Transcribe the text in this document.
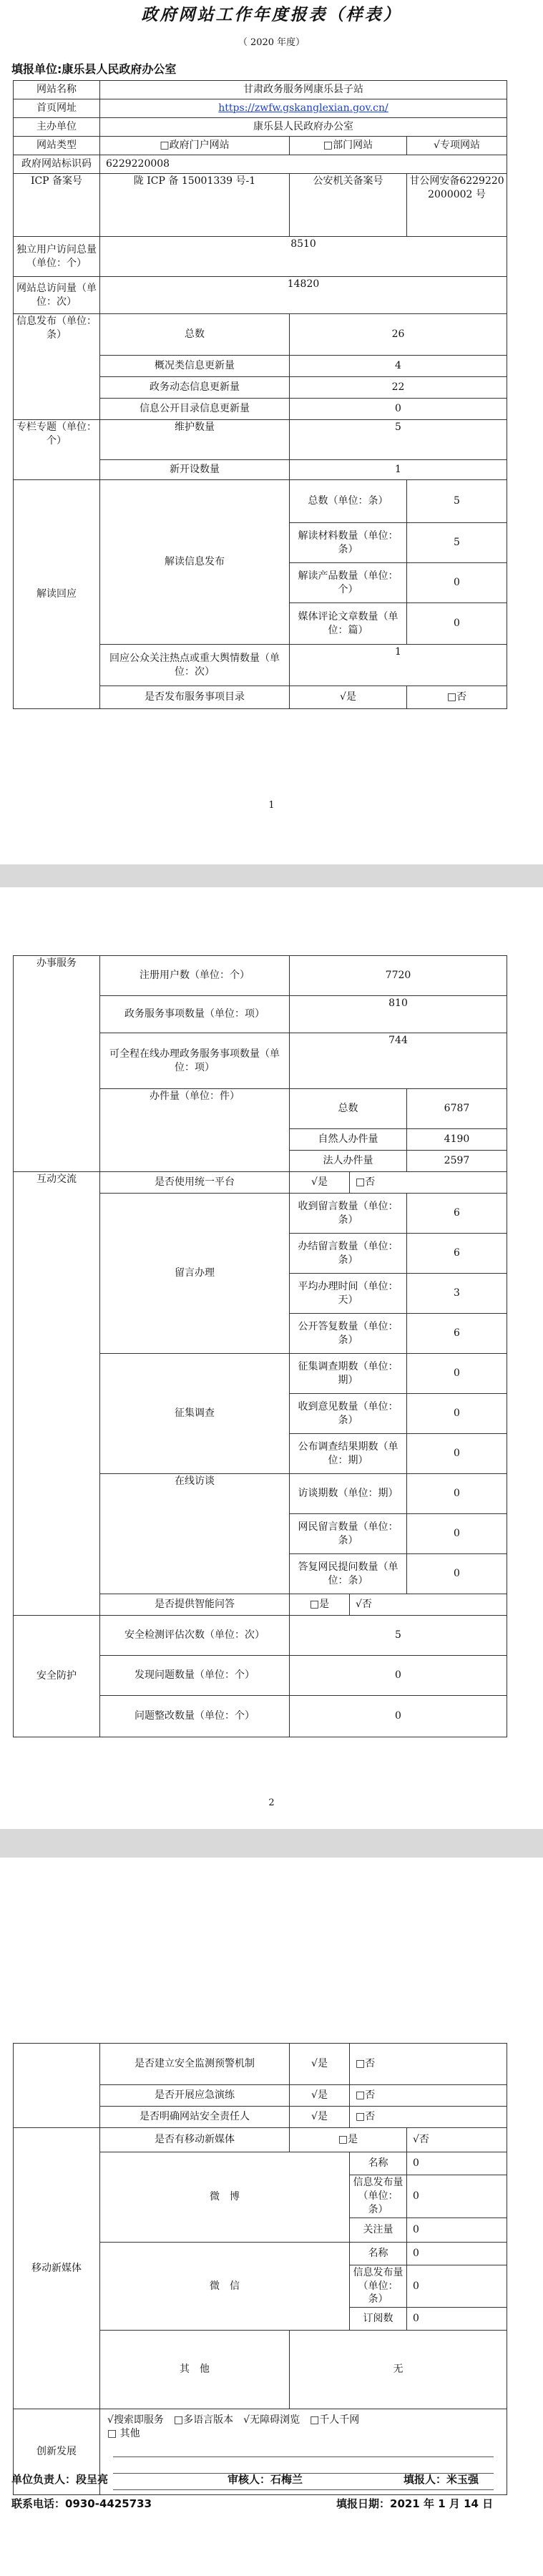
政府网站工作年度报表（样表）
（ 2020 年度）
填报单位:康乐县人民政府办公室
网站名称	甘肃政务服务网康乐县子站		
首页网址	https://zwfw.gskanglexian.gov.cn/		
主办单位	康乐县人民政府办公室		
网站类型	□政府门户网站	□部门网站	√专项网站
政府网站标识码	6229220008		
ICP 备案号	陇 ICP 备 15001339 号-1	公安机关备案号	甘公网安备62292202000002 号
独立用户访问总量（单位：个）	8510		
网站总访问量（单位：次）	14820		
信息发布（单位：条）	总数	26	
	概况类信息更新量	4	
	政务动态信息更新量	22	
	信息公开目录信息更新量	0	
专栏专题（单位：个）	维护数量	5	
	新开设数量	1	
解读回应	解读信息发布	总数（单位：条）	5
		解读材料数量（单位：条）	5
		解读产品数量（单位：个）	0
		媒体评论文章数量（单位：篇）	0
	回应公众关注热点或重大舆情数量（单位：次）	1	
	是否发布服务事项目录	√是	□否
1
办事服务	注册用户数（单位：个）	7720		
	政务服务事项数量（单位：项）	810		
	可全程在线办理政务服务事项数量（单位：项）	744		
	办件量（单位：件）	总数		6787
		自然人办件量		4190
		法人办件量		2597
互动交流	是否使用统一平台	√是	□否	
	留言办理	收到留言数量（单位：条）		6
		办结留言数量（单位：条）		6
		平均办理时间（单位：天）		3
		公开答复数量（单位：条）		6
	征集调查	征集调查期数（单位：期）		0
		收到意见数量（单位：条）		0
		公布调查结果期数（单位：期）		0
	在线访谈	访谈期数（单位：期）		0
		网民留言数量（单位：条）		0
		答复网民提问数量（单位：条）		0
	是否提供智能问答	□是	√否	
安全防护	安全检测评估次数（单位：次）	5		
	发现问题数量（单位：个）	0		
	问题整改数量（单位：个）	0		
2
	是否建立安全监测预警机制	√是	□否	
	是否开展应急演练	√是	□否	
	是否明确网站安全责任人	√是	□否	
移动新媒体	是否有移动新媒体	□是		√否
	微　博		名称	0
			信息发布量（单位：条）	0
			关注量	0
	微　信		名称	0
			信息发布量（单位：条）	0
			订阅数	0
	其　他	无		
创新发展	√搜索即服务　□多语言版本　√无障碍浏览　□千人千网
□ 其他			
单位负责人：段呈亮	审核人：石梅兰	填报人：米玉强
联系电话：0930-4425733	填报日期：2021 年 1 月 14 日
